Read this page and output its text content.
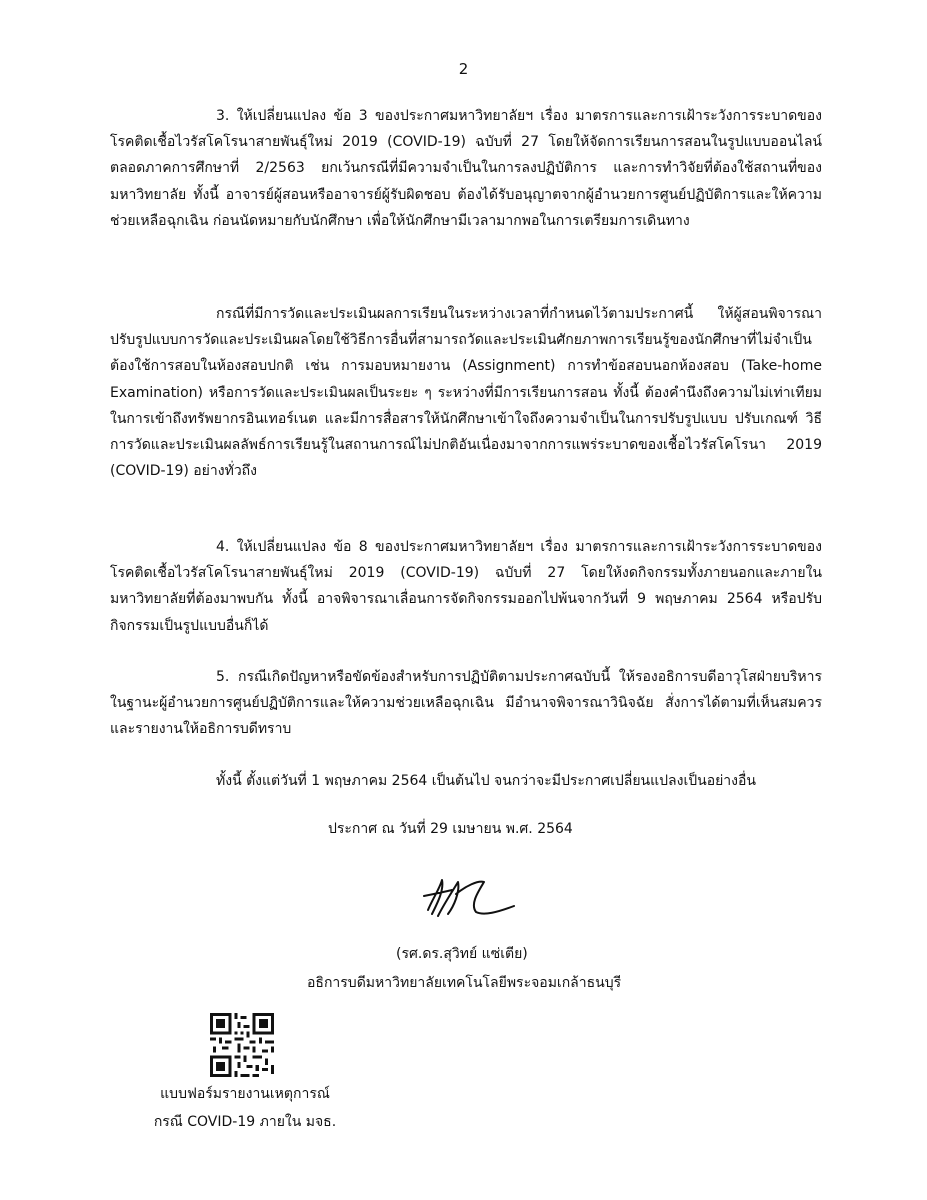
2

3. ให้เปลี่ยนแปลง ข้อ 3 ของประกาศมหาวิทยาลัยฯ เรื่อง มาตรการและการเฝ้าระวังการระบาดของโรคติดเชื้อไวรัสโคโรนาสายพันธุ์ใหม่ 2019 (COVID-19) ฉบับที่ 27 โดยให้จัดการเรียนการสอนในรูปแบบออนไลน์ ตลอดภาคการศึกษาที่ 2/2563 ยกเว้นกรณีที่มีความจำเป็นในการลงปฏิบัติการ และการทำวิจัยที่ต้องใช้สถานที่ของมหาวิทยาลัย ทั้งนี้ อาจารย์ผู้สอนหรืออาจารย์ผู้รับผิดชอบ ต้องได้รับอนุญาตจากผู้อำนวยการศูนย์ปฏิบัติการและให้ความช่วยเหลือฉุกเฉิน ก่อนนัดหมายกับนักศึกษา เพื่อให้นักศึกษามีเวลามากพอในการเตรียมการเดินทาง

กรณีที่มีการวัดและประเมินผลการเรียนในระหว่างเวลาที่กำหนดไว้ตามประกาศนี้ ให้ผู้สอนพิจารณาปรับรูปแบบการวัดและประเมินผลโดยใช้วิธีการอื่นที่สามารถวัดและประเมินศักยภาพการเรียนรู้ของนักศึกษาที่ไม่จำเป็นต้องใช้การสอบในห้องสอบปกติ เช่น การมอบหมายงาน (Assignment) การทำข้อสอบนอกห้องสอบ (Take-home Examination) หรือการวัดและประเมินผลเป็นระยะ ๆ ระหว่างที่มีการเรียนการสอน ทั้งนี้ ต้องคำนึงถึงความไม่เท่าเทียมในการเข้าถึงทรัพยากรอินเทอร์เนต และมีการสื่อสารให้นักศึกษาเข้าใจถึงความจำเป็นในการปรับรูปแบบ ปรับเกณฑ์ วิธีการวัดและประเมินผลลัพธ์การเรียนรู้ในสถานการณ์ไม่ปกติอันเนื่องมาจากการแพร่ระบาดของเชื้อไวรัสโคโรนา 2019 (COVID-19) อย่างทั่วถึง

4. ให้เปลี่ยนแปลง ข้อ 8 ของประกาศมหาวิทยาลัยฯ เรื่อง มาตรการและการเฝ้าระวังการระบาดของโรคติดเชื้อไวรัสโคโรนาสายพันธุ์ใหม่ 2019 (COVID-19) ฉบับที่ 27 โดยให้งดกิจกรรมทั้งภายนอกและภายในมหาวิทยาลัยที่ต้องมาพบกัน ทั้งนี้ อาจพิจารณาเลื่อนการจัดกิจกรรมออกไปพ้นจากวันที่ 9 พฤษภาคม 2564 หรือปรับกิจกรรมเป็นรูปแบบอื่นก็ได้

5. กรณีเกิดปัญหาหรือขัดข้องสำหรับการปฏิบัติตามประกาศฉบับนี้ ให้รองอธิการบดีอาวุโสฝ่ายบริหารในฐานะผู้อำนวยการศูนย์ปฏิบัติการและให้ความช่วยเหลือฉุกเฉิน มีอำนาจพิจารณาวินิจฉัย สั่งการได้ตามที่เห็นสมควร และรายงานให้อธิการบดีทราบ

ทั้งนี้ ตั้งแต่วันที่ 1 พฤษภาคม 2564 เป็นต้นไป จนกว่าจะมีประกาศเปลี่ยนแปลงเป็นอย่างอื่น
ประกาศ ณ วันที่ 29 เมษายน พ.ศ. 2564
(รศ.ดร.สุวิทย์ แซ่เตีย)
อธิการบดีมหาวิทยาลัยเทคโนโลยีพระจอมเกล้าธนบุรี
แบบฟอร์มรายงานเหตุการณ์
กรณี COVID-19 ภายใน มจธ.
